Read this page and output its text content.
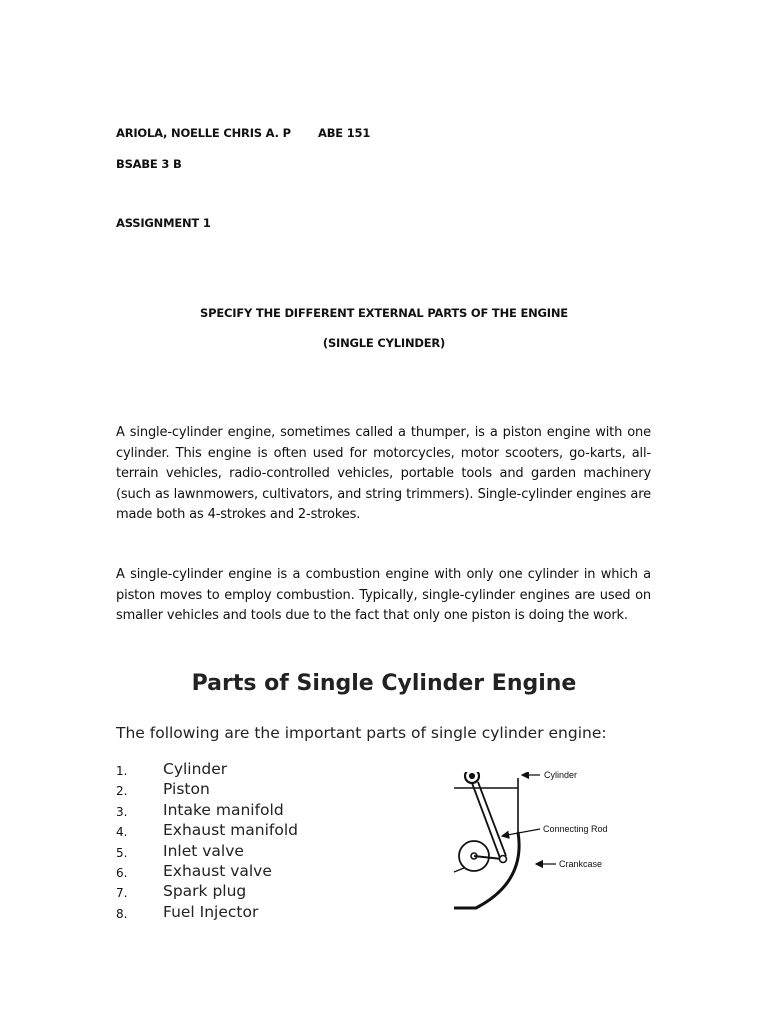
ARIOLA, NOELLE CHRIS A. P ABE 151
BSABE 3 B
ASSIGNMENT 1
SPECIFY THE DIFFERENT EXTERNAL PARTS OF THE ENGINE
(SINGLE CYLINDER)
A single-cylinder engine, sometimes called a thumper, is a piston engine with one cylinder. This engine is often used for motorcycles, motor scooters, go-karts, all-terrain vehicles, radio-controlled vehicles, portable tools and garden machinery (such as lawnmowers, cultivators, and string trimmers). Single-cylinder engines are made both as 4-strokes and 2-strokes.
A single-cylinder engine is a combustion engine with only one cylinder in which a piston moves to employ combustion. Typically, single-cylinder engines are used on smaller vehicles and tools due to the fact that only one piston is doing the work.
Parts of Single Cylinder Engine
The following are the important parts of single cylinder engine:
1. Cylinder
2. Piston
3. Intake manifold
4. Exhaust manifold
5. Inlet valve
6. Exhaust valve
7. Spark plug
8. Fuel Injector
Cylinder
Connecting Rod
Crankcase
